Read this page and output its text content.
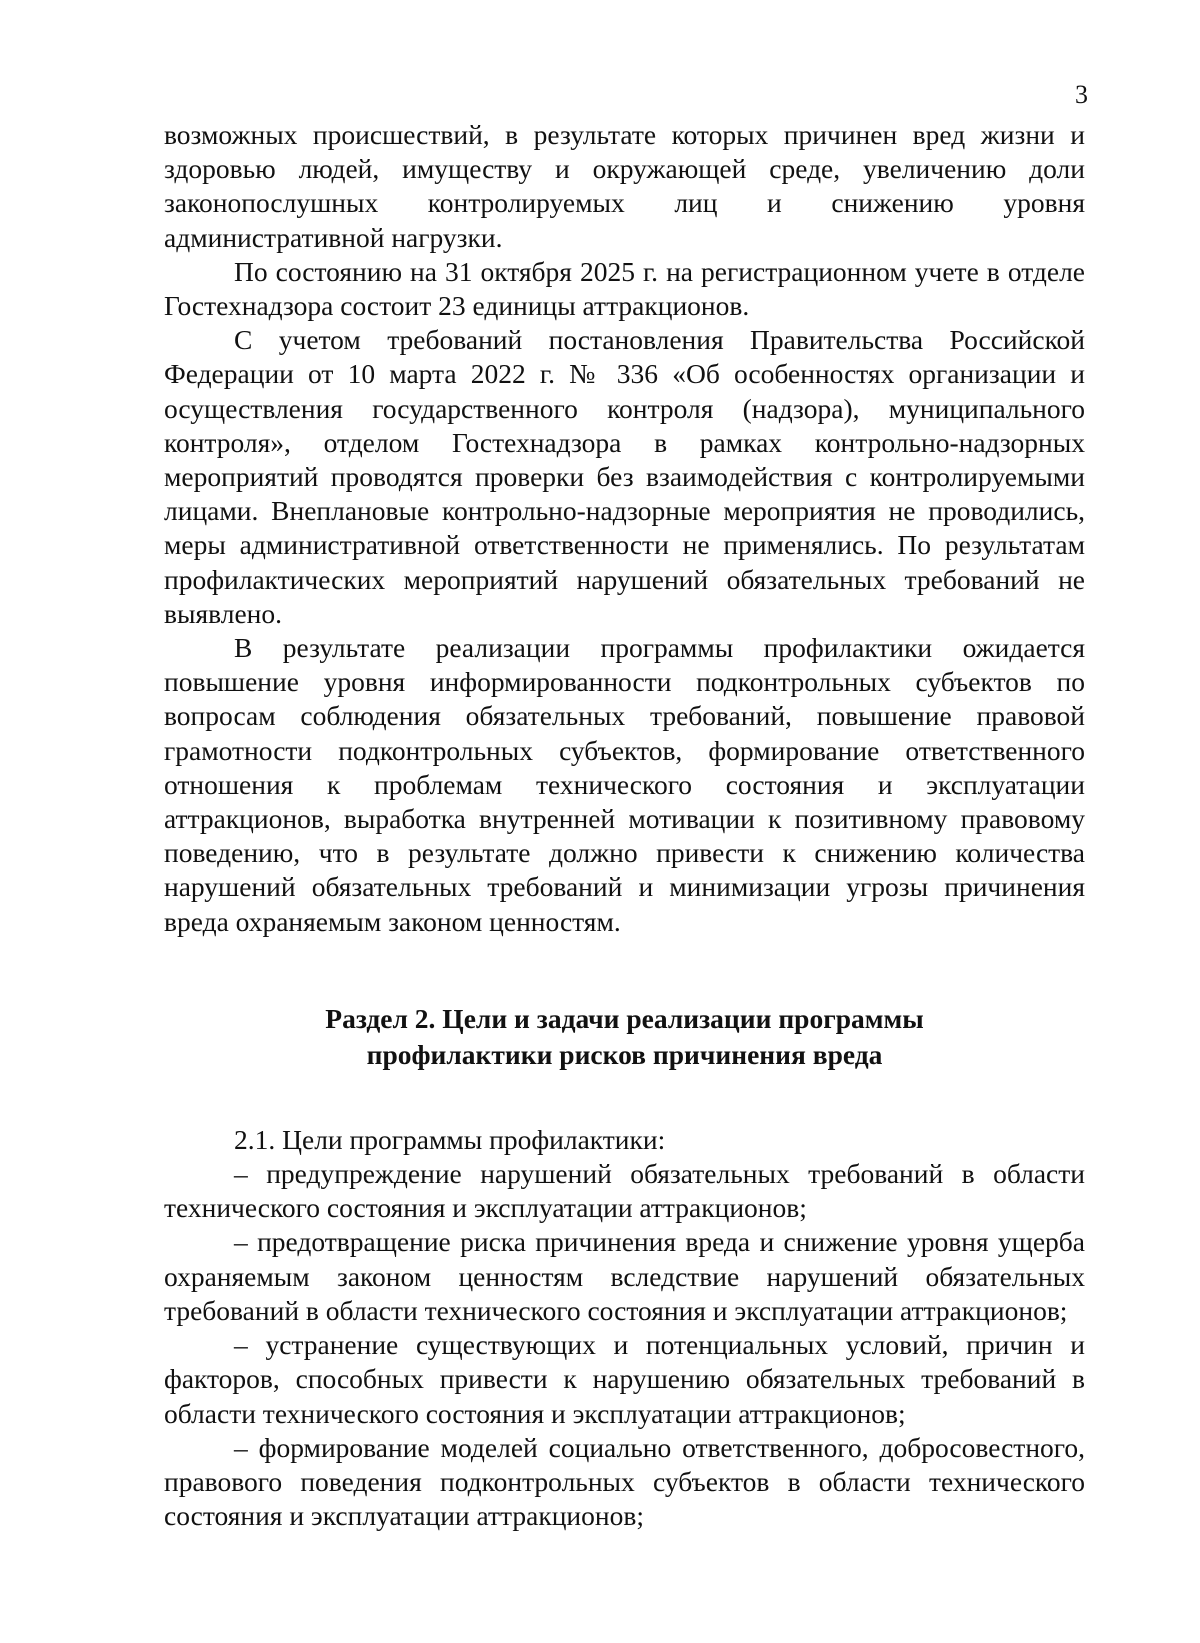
3

возможных происшествий, в результате которых причинен вред жизни и здоровью людей, имуществу и окружающей среде, увеличению доли законопослушных контролируемых лиц и снижению уровня административной нагрузки.

По состоянию на 31 октября 2025 г. на регистрационном учете в отделе Гостехнадзора состоит 23 единицы аттракционов.

С учетом требований постановления Правительства Российской Федерации от 10 марта 2022 г. № 336 «Об особенностях организации и осуществления государственного контроля (надзора), муниципального контроля», отделом Гостехнадзора в рамках контрольно-надзорных мероприятий проводятся проверки без взаимодействия с контролируемыми лицами. Внеплановые контрольно-надзорные мероприятия не проводились, меры административной ответственности не применялись. По результатам профилактических мероприятий нарушений обязательных требований не выявлено.

В результате реализации программы профилактики ожидается повышение уровня информированности подконтрольных субъектов по вопросам соблюдения обязательных требований, повышение правовой грамотности подконтрольных субъектов, формирование ответственного отношения к проблемам технического состояния и эксплуатации аттракционов, выработка внутренней мотивации к позитивному правовому поведению, что в результате должно привести к снижению количества нарушений обязательных требований и минимизации угрозы причинения вреда охраняемым законом ценностям.

Раздел 2. Цели и задачи реализации программы
профилактики рисков причинения вреда

2.1. Цели программы профилактики:

– предупреждение нарушений обязательных требований в области технического состояния и эксплуатации аттракционов;

– предотвращение риска причинения вреда и снижение уровня ущерба охраняемым законом ценностям вследствие нарушений обязательных требований в области технического состояния и эксплуатации аттракционов;

– устранение существующих и потенциальных условий, причин и факторов, способных привести к нарушению обязательных требований в области технического состояния и эксплуатации аттракционов;

– формирование моделей социально ответственного, добросовестного, правового поведения подконтрольных субъектов в области технического состояния и эксплуатации аттракционов;
